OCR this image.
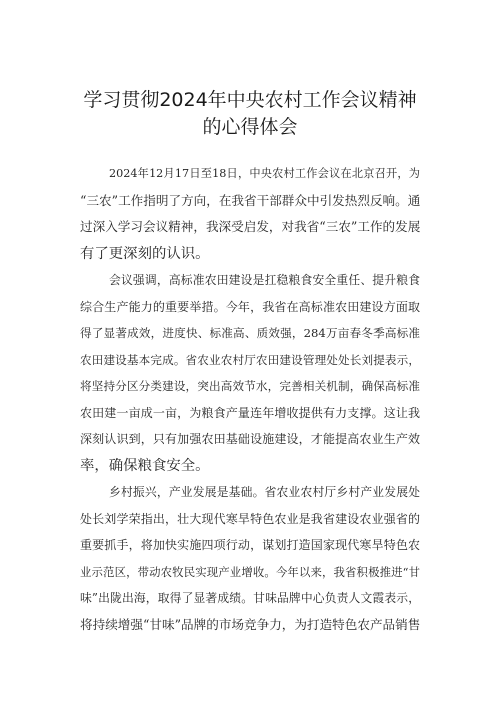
学习贯彻2024年中央农村工作会议精神
的心得体会
2024年12月17日至18日，中央农村工作会议在北京召开，为
“三农”工作指明了方向，在我省干部群众中引发热烈反响。通
过深入学习会议精神，我深受启发，对我省“三农”工作的发展
有了更深刻的认识。
会议强调，高标准农田建设是扛稳粮食安全重任、提升粮食
综合生产能力的重要举措。今年，我省在高标准农田建设方面取
得了显著成效，进度快、标准高、质效强，284万亩春冬季高标准
农田建设基本完成。省农业农村厅农田建设管理处处长刘提表示，
将坚持分区分类建设，突出高效节水，完善相关机制，确保高标准
农田建一亩成一亩，为粮食产量连年增收提供有力支撑。这让我
深刻认识到，只有加强农田基础设施建设，才能提高农业生产效
率，确保粮食安全。
乡村振兴，产业发展是基础。省农业农村厅乡村产业发展处
处长刘学荣指出，壮大现代寒旱特色农业是我省建设农业强省的
重要抓手，将加快实施四项行动，谋划打造国家现代寒旱特色农
业示范区，带动农牧民实现产业增收。今年以来，我省积极推进“甘
味”出陇出海，取得了显著成绩。甘味品牌中心负责人文霞表示，
将持续增强“甘味”品牌的市场竞争力，为打造特色农产品销售
